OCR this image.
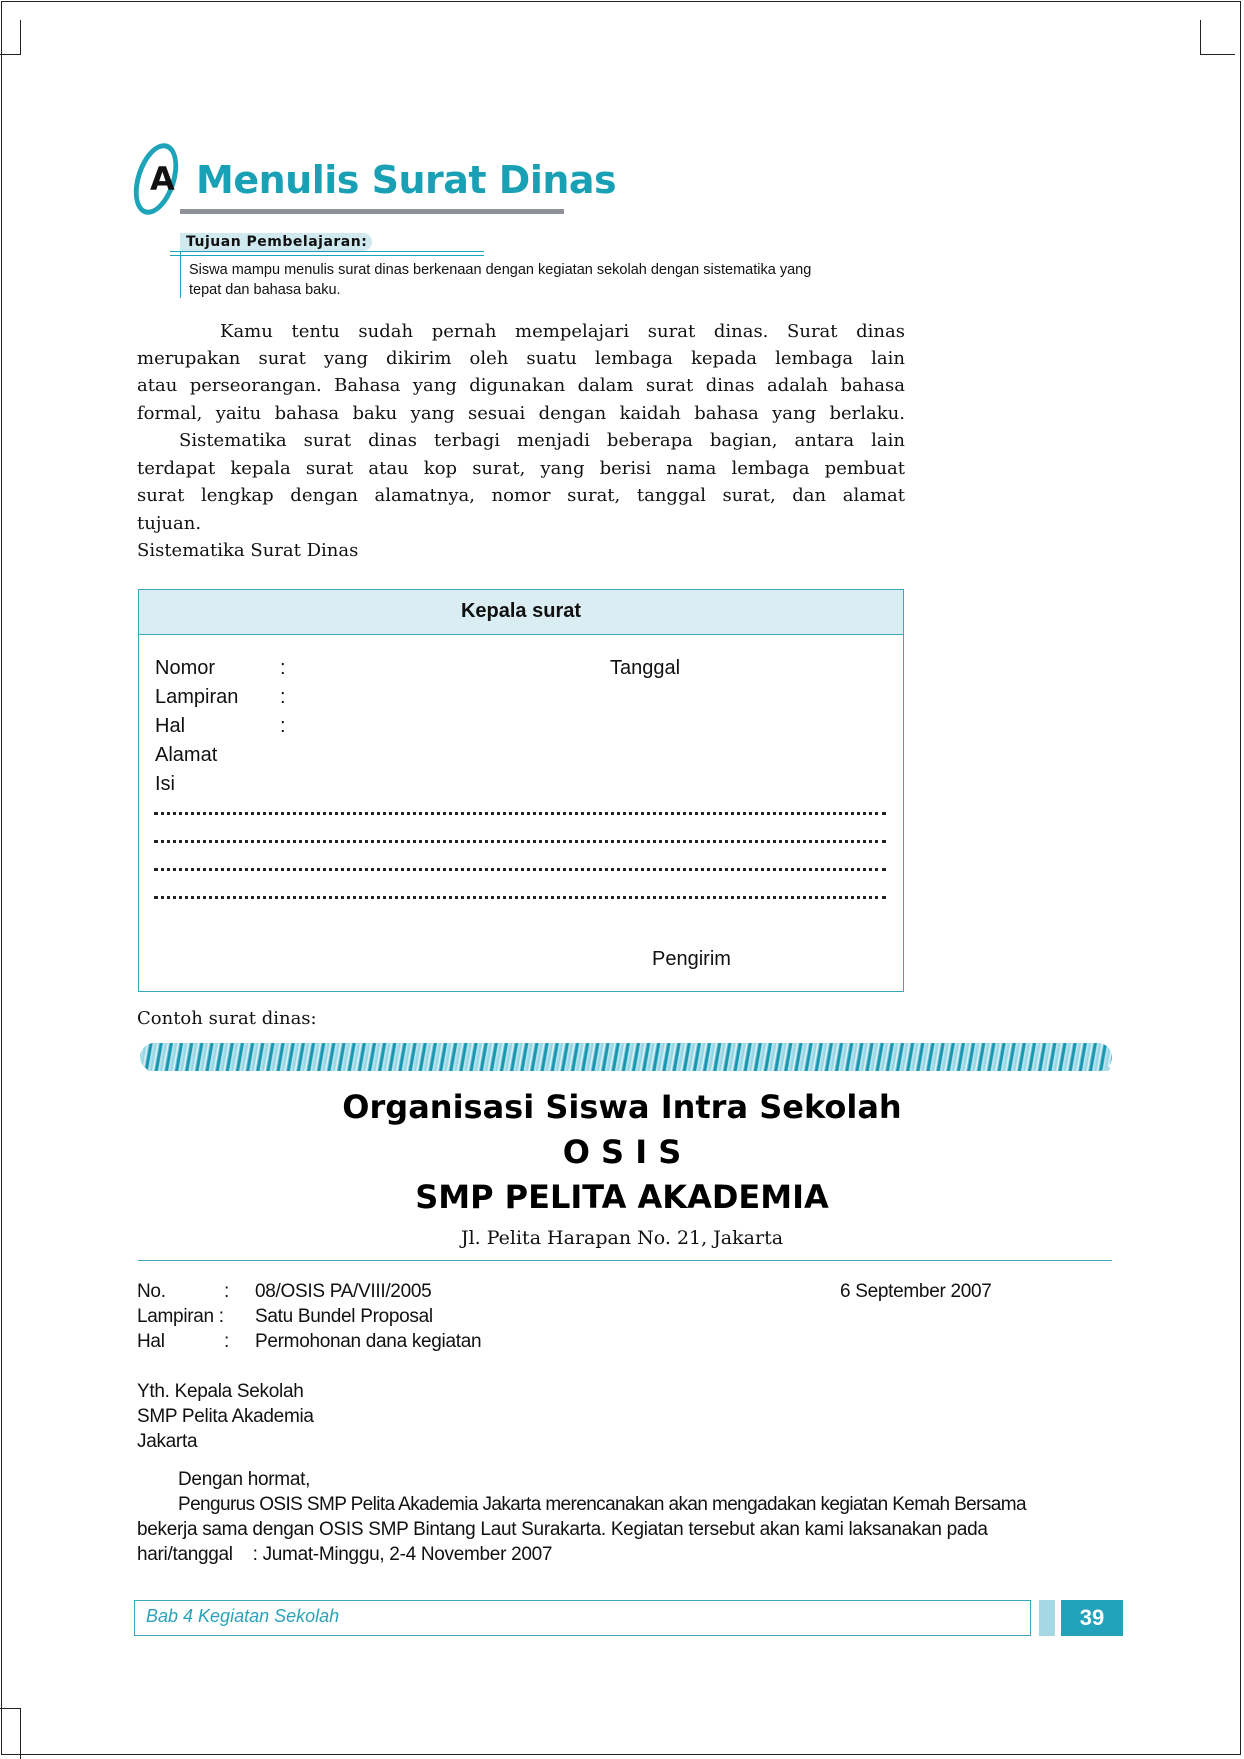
A Menulis Surat Dinas
Tujuan Pembelajaran:
Siswa mampu menulis surat dinas berkenaan dengan kegiatan sekolah dengan sistematika yang
tepat dan bahasa baku.
Kamu tentu sudah pernah mempelajari surat dinas. Surat dinas
merupakan surat yang dikirim oleh suatu lembaga kepada lembaga lain
atau perseorangan. Bahasa yang digunakan dalam surat dinas adalah bahasa
formal, yaitu bahasa baku yang sesuai dengan kaidah bahasa yang berlaku.
Sistematika surat dinas terbagi menjadi beberapa bagian, antara lain
terdapat kepala surat atau kop surat, yang berisi nama lembaga pembuat
surat lengkap dengan alamatnya, nomor surat, tanggal surat, dan alamat
tujuan.
Sistematika Surat Dinas
Kepala surat
Nomor	:	Tanggal
Lampiran :
Hal	:
Alamat
Isi
Pengirim
Contoh surat dinas:
Organisasi Siswa Intra Sekolah
O S I S
SMP PELITA AKADEMIA
Jl. Pelita Harapan No. 21, Jakarta
No.	: 08/OSIS PA/VIII/2005	6 September 2007
Lampiran : Satu Bundel Proposal
Hal	: Permohonan dana kegiatan
Yth. Kepala Sekolah
SMP Pelita Akademia
Jakarta
Dengan hormat,
Pengurus OSIS SMP Pelita Akademia Jakarta merencanakan akan mengadakan kegiatan Kemah Bersama
bekerja sama dengan OSIS SMP Bintang Laut Surakarta. Kegiatan tersebut akan kami laksanakan pada
hari/tanggal    : Jumat-Minggu, 2-4 November 2007
Bab 4 Kegiatan Sekolah	39
